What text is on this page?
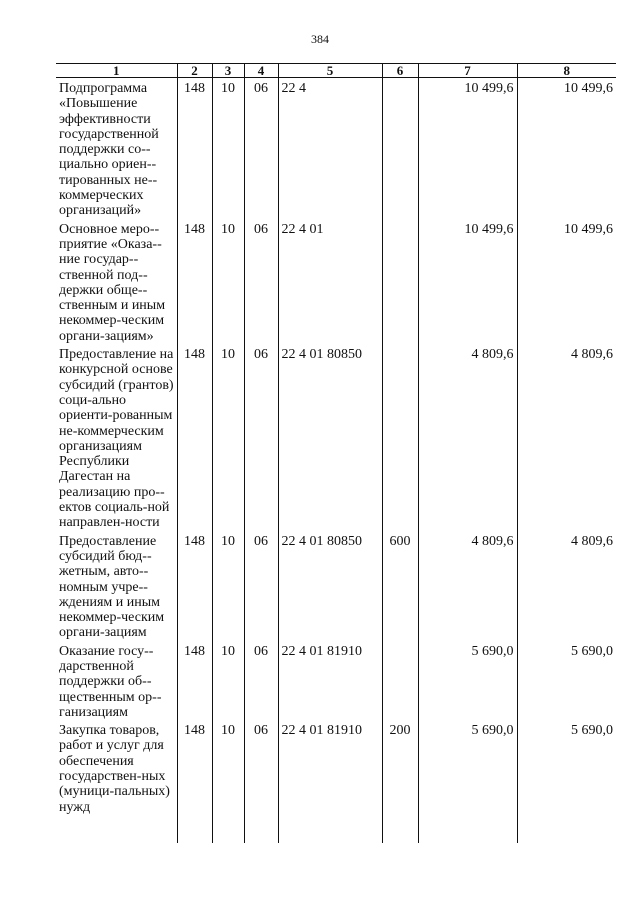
384
1	2	3	4	5	6	7	8
Подпрограмма «Повышение эффективности государственной поддержки со-циально ориен-тированных не-коммерческих организаций»	148	10	06	22 4		10 499,6	10 499,6
Основное меро-приятие «Оказа-ние государ-ственной под-держки обще-ственным и иным некоммер-ческим органи-зациям»	148	10	06	22 4 01		10 499,6	10 499,6
Предоставление на конкурсной основе субсидий (грантов) соци-ально ориенти-рованным не-коммерческим организациям Республики Дагестан на реализацию про-ектов социаль-ной направлен-ности	148	10	06	22 4 01 80850		4 809,6	4 809,6
Предоставление субсидий бюд-жетным, авто-номным учре-ждениям и иным некоммер-ческим органи-зациям	148	10	06	22 4 01 80850	600	4 809,6	4 809,6
Оказание госу-дарственной поддержки об-щественным ор-ганизациям	148	10	06	22 4 01 81910		5 690,0	5 690,0
Закупка товаров, работ и услуг для обеспечения государствен-ных (муници-пальных) нужд	148	10	06	22 4 01 81910	200	5 690,0	5 690,0
